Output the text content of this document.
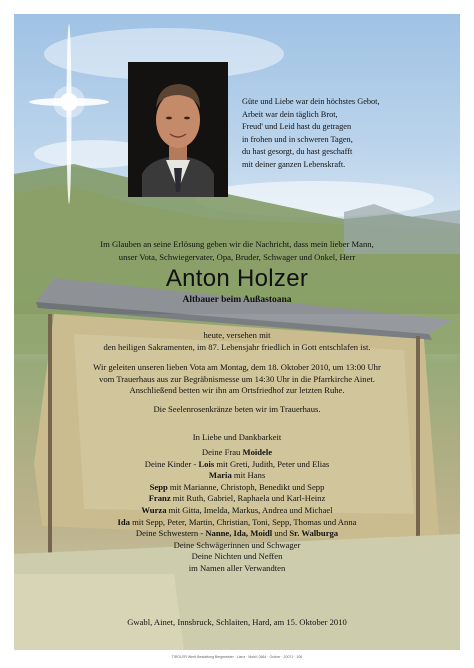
Güte und Liebe war dein höchstes Gebot,
Arbeit war dein täglich Brot,
Freud' und Leid hast du getragen
in frohen und in schweren Tagen,
du hast gesorgt, du hast geschafft
mit deiner ganzen Lebenskraft.
Im Glauben an seine Erlösung geben wir die Nachricht, dass mein lieber Mann,
unser Vota, Schwiegervater, Opa, Bruder, Schwager und Onkel, Herr
Anton Holzer
Altbauer beim Außastoana
heute, versehen mit
den heiligen Sakramenten, im 87. Lebensjahr friedlich in Gott entschlafen ist.
Wir geleiten unseren lieben Vota am Montag, dem 18. Oktober 2010, um 13:00 Uhr
vom Trauerhaus aus zur Begräbnismesse um 14:30 Uhr in die Pfarrkirche Ainet.
Anschließend betten wir ihn am Ortsfriedhof zur letzten Ruhe.
Die Seelenrosenkränze beten wir im Trauerhaus.
In Liebe und Dankbarkeit
Deine Frau Moidele
Deine Kinder - Lois mit Greti, Judith, Peter und Elias
Maria mit Hans
Sepp mit Marianne, Christoph, Benedikt und Sepp
Franz mit Ruth, Gabriel, Raphaela und Karl-Heinz
Wurza mit Gitta, Imelda, Markus, Andrea und Michael
Ida mit Sepp, Peter, Martin, Christian, Toni, Sepp, Thomas und Anna
Deine Schwestern - Nanne, Ida, Moidl und Sr. Walburga
Deine Schwägerinnen und Schwager
Deine Nichten und Neffen
im Namen aller Verwandten
Gwabl, Ainet, Innsbruck, Schlaiten, Hard, am 15. Oktober 2010
TIROLER Werft Bestattung Bergmeister · Lienz · Mobil: 0664 · Ordner · 20071 · 106
